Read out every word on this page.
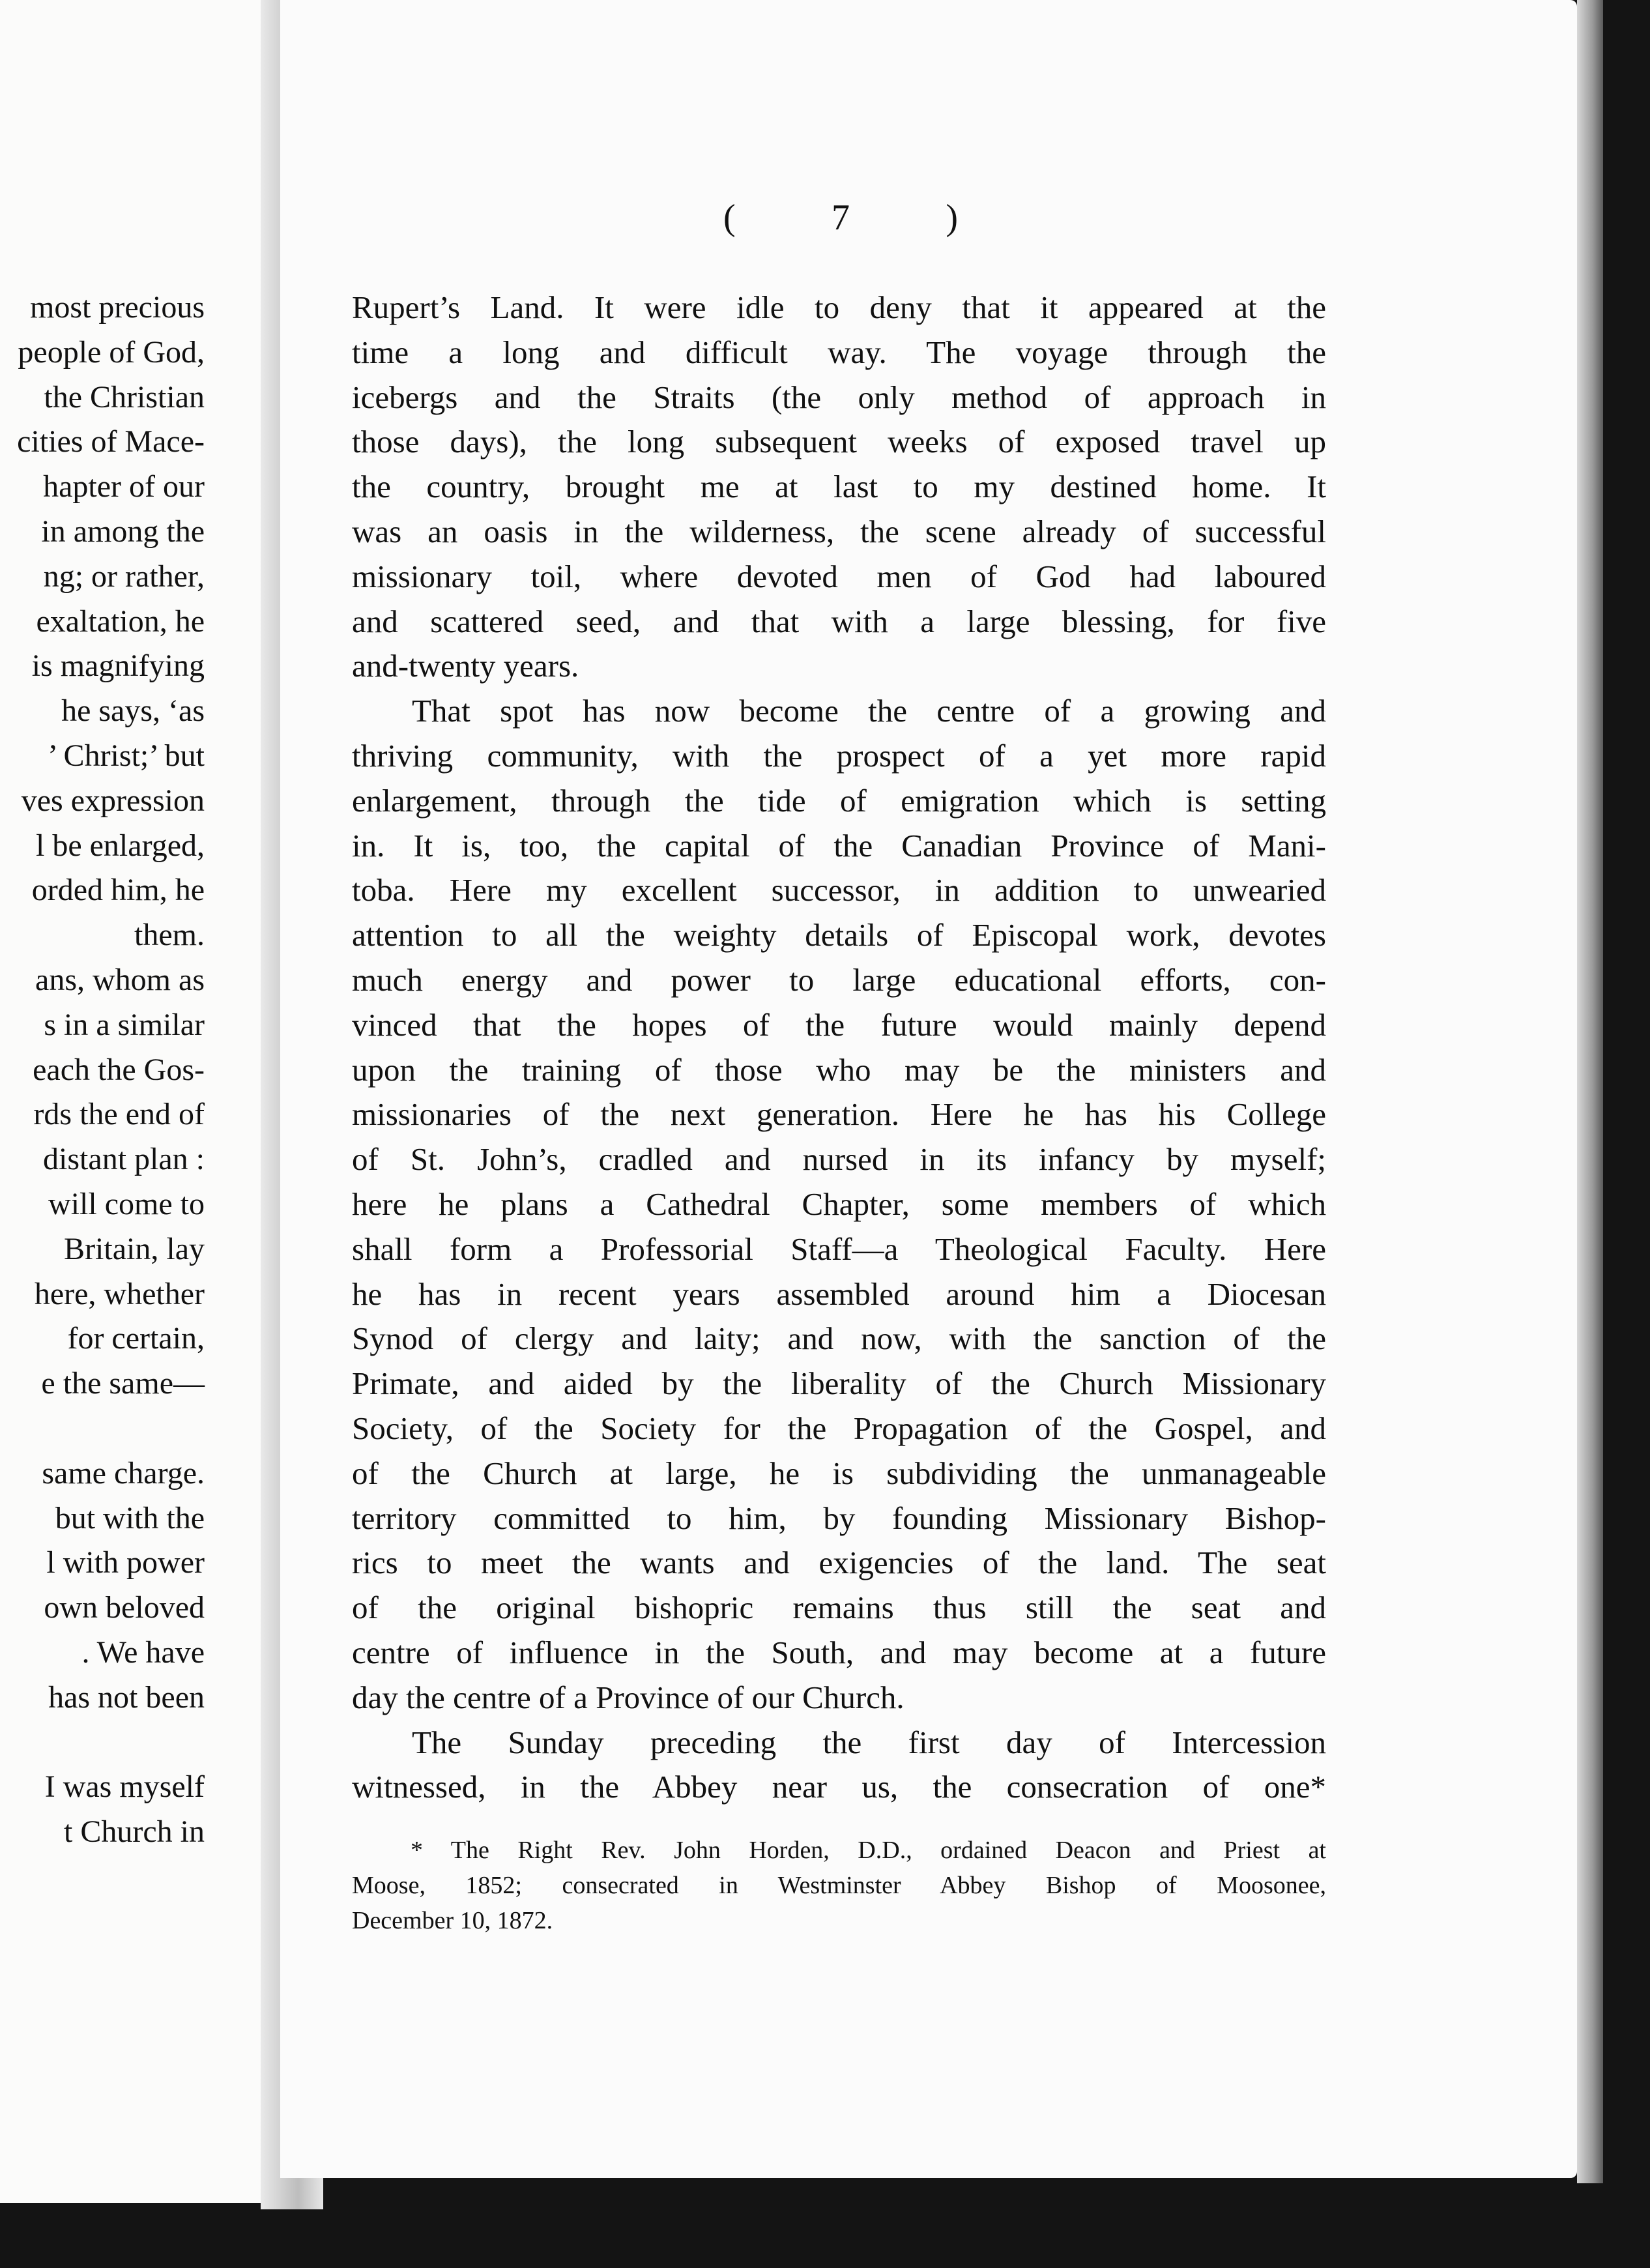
most precious
people of God,
the Christian
cities of Mace-
hapter of our
in among the
ng; or rather,
exaltation, he
is magnifying
he says, ‘as
’ Christ;’ but
ves expression
l be enlarged,
orded him, he
them.
ans, whom as
s in a similar
each the Gos-
rds the end of
distant plan :
will come to
Britain, lay
here, whether
for certain,
e the same—
same charge.
but with the
l with power
own beloved
. We have
has not been
I was myself
t Church in
(	7	)
Rupert’s Land. It were idle to deny that it appeared at the
time a long and difficult way. The voyage through the
icebergs and the Straits (the only method of approach in
those days), the long subsequent weeks of exposed travel up
the country, brought me at last to my destined home. It
was an oasis in the wilderness, the scene already of successful
missionary toil, where devoted men of God had laboured
and scattered seed, and that with a large blessing, for five
and-twenty years.
That spot has now become the centre of a growing and
thriving community, with the prospect of a yet more rapid
enlargement, through the tide of emigration which is setting
in. It is, too, the capital of the Canadian Province of Mani-
toba. Here my excellent successor, in addition to unwearied
attention to all the weighty details of Episcopal work, devotes
much energy and power to large educational efforts, con-
vinced that the hopes of the future would mainly depend
upon the training of those who may be the ministers and
missionaries of the next generation. Here he has his College
of St. John’s, cradled and nursed in its infancy by myself;
here he plans a Cathedral Chapter, some members of which
shall form a Professorial Staff—a Theological Faculty. Here
he has in recent years assembled around him a Diocesan
Synod of clergy and laity; and now, with the sanction of the
Primate, and aided by the liberality of the Church Missionary
Society, of the Society for the Propagation of the Gospel, and
of the Church at large, he is subdividing the unmanageable
territory committed to him, by founding Missionary Bishop-
rics to meet the wants and exigencies of the land. The seat
of the original bishopric remains thus still the seat and
centre of influence in the South, and may become at a future
day the centre of a Province of our Church.
The Sunday preceding the first day of Intercession
witnessed, in the Abbey near us, the consecration of one*
* The Right Rev. John Horden, D.D., ordained Deacon and Priest at
Moose, 1852; consecrated in Westminster Abbey Bishop of Moosonee,
December 10, 1872.
